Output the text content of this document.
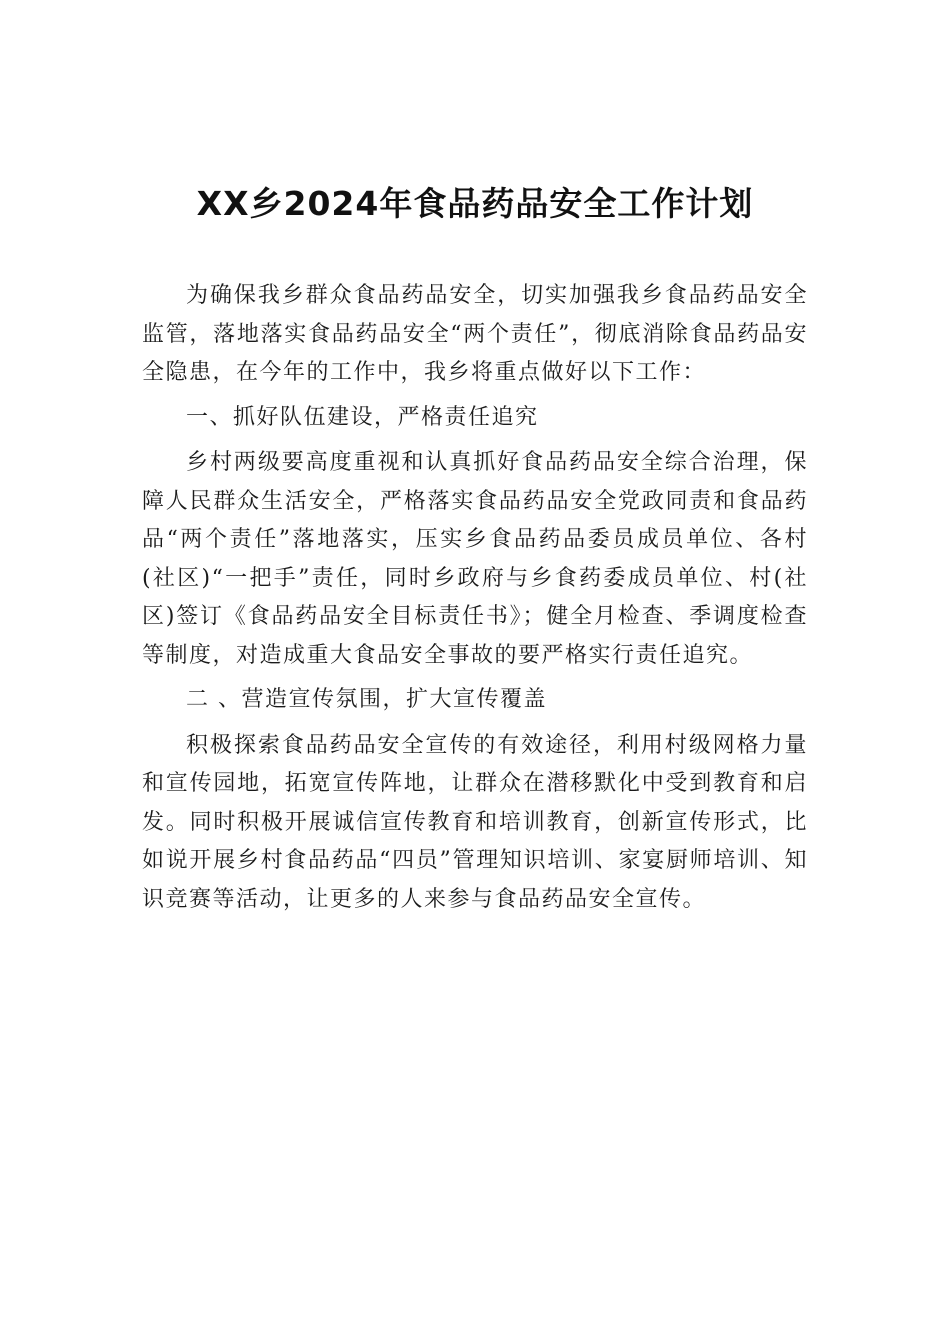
XX乡2024年食品药品安全工作计划

为确保我乡群众食品药品安全，切实加强我乡食品药品安全监管，落地落实食品药品安全“两个责任”，彻底消除食品药品安全隐患，在今年的工作中，我乡将重点做好以下工作：

一、抓好队伍建设，严格责任追究

乡村两级要高度重视和认真抓好食品药品安全综合治理，保障人民群众生活安全，严格落实食品药品安全党政同责和食品药品“两个责任”落地落实，压实乡食品药品委员成员单位、各村(社区)“一把手”责任，同时乡政府与乡食药委成员单位、村(社区)签订《食品药品安全目标责任书》；健全月检查、季调度检查等制度，对造成重大食品安全事故的要严格实行责任追究。

二 、营造宣传氛围，扩大宣传覆盖

积极探索食品药品安全宣传的有效途径，利用村级网格力量和宣传园地，拓宽宣传阵地，让群众在潜移默化中受到教育和启发。同时积极开展诚信宣传教育和培训教育，创新宣传形式，比如说开展乡村食品药品“四员”管理知识培训、家宴厨师培训、知识竞赛等活动，让更多的人来参与食品药品安全宣传。
